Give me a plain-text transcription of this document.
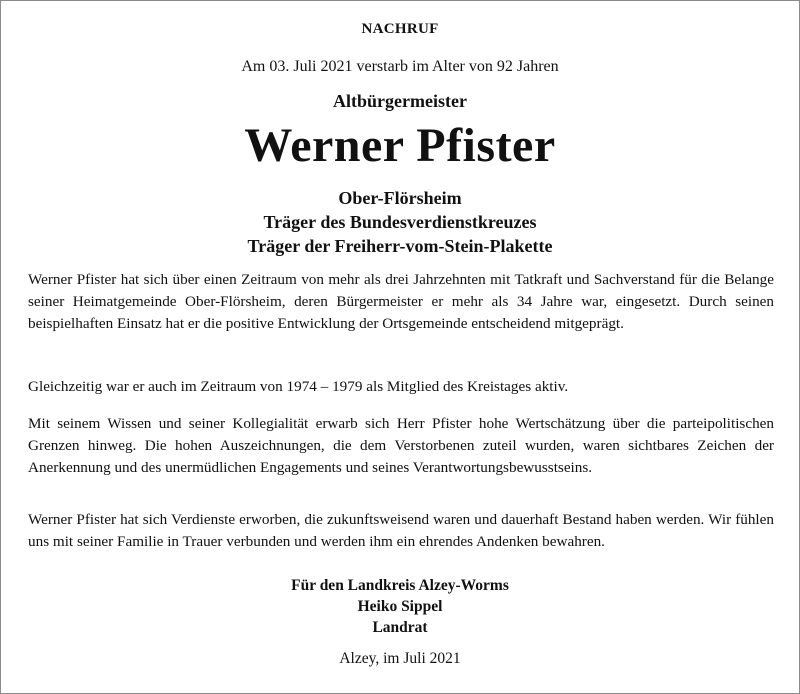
NACHRUF
Am 03. Juli 2021 verstarb im Alter von 92 Jahren
Altbürgermeister
Werner Pfister
Ober-Flörsheim
Träger des Bundesverdienstkreuzes
Träger der Freiherr-vom-Stein-Plakette

Werner Pfister hat sich über einen Zeitraum von mehr als drei Jahrzehnten mit Tatkraft und Sachverstand für die Belange seiner Heimatgemeinde Ober-Flörsheim, deren Bürgermeister er mehr als 34 Jahre war, eingesetzt. Durch seinen beispielhaften Einsatz hat er die positive Entwicklung der Ortsgemeinde entscheidend mitgeprägt.

Gleichzeitig war er auch im Zeitraum von 1974 – 1979 als Mitglied des Kreistages aktiv.

Mit seinem Wissen und seiner Kollegialität erwarb sich Herr Pfister hohe Wertschätzung über die parteipolitischen Grenzen hinweg. Die hohen Auszeichnungen, die dem Verstorbenen zuteil wurden, waren sichtbares Zeichen der Anerkennung und des unermüdlichen Engagements und seines Verantwortungsbewusstseins.

Werner Pfister hat sich Verdienste erworben, die zukunftsweisend waren und dauerhaft Bestand haben werden. Wir fühlen uns mit seiner Familie in Trauer verbunden und werden ihm ein ehrendes Andenken bewahren.

Für den Landkreis Alzey-Worms
Heiko Sippel
Landrat
Alzey, im Juli 2021
